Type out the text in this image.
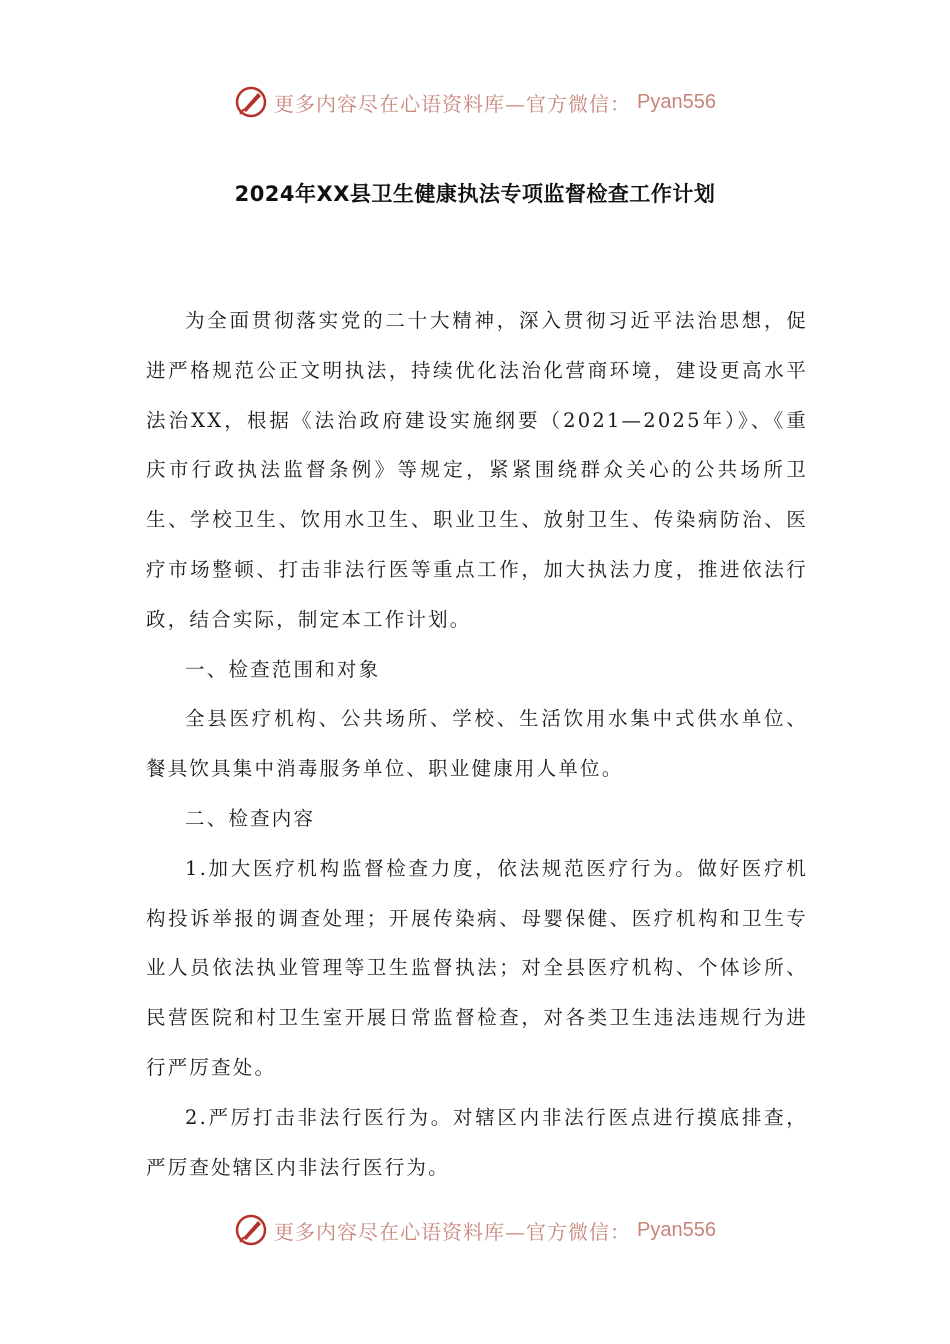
更多内容尽在心语资料库—官方微信： Pyan556
2024年XX县卫生健康执法专项监督检查工作计划

为全面贯彻落实党的二十大精神，深入贯彻习近平法治思想，促进严格规范公正文明执法，持续优化法治化营商环境，建设更高水平法治XX，根据《法治政府建设实施纲要（2021—2025年）》、《重庆市行政执法监督条例》等规定，紧紧围绕群众关心的公共场所卫生、学校卫生、饮用水卫生、职业卫生、放射卫生、传染病防治、医疗市场整顿、打击非法行医等重点工作，加大执法力度，推进依法行政，结合实际，制定本工作计划。

一、检查范围和对象

全县医疗机构、公共场所、学校、生活饮用水集中式供水单位、餐具饮具集中消毒服务单位、职业健康用人单位。

二、检查内容

1.加大医疗机构监督检查力度，依法规范医疗行为。做好医疗机构投诉举报的调查处理；开展传染病、母婴保健、医疗机构和卫生专业人员依法执业管理等卫生监督执法；对全县医疗机构、个体诊所、民营医院和村卫生室开展日常监督检查，对各类卫生违法违规行为进行严厉查处。

2.严厉打击非法行医行为。对辖区内非法行医点进行摸底排查，严厉查处辖区内非法行医行为。

更多内容尽在心语资料库—官方微信： Pyan556
